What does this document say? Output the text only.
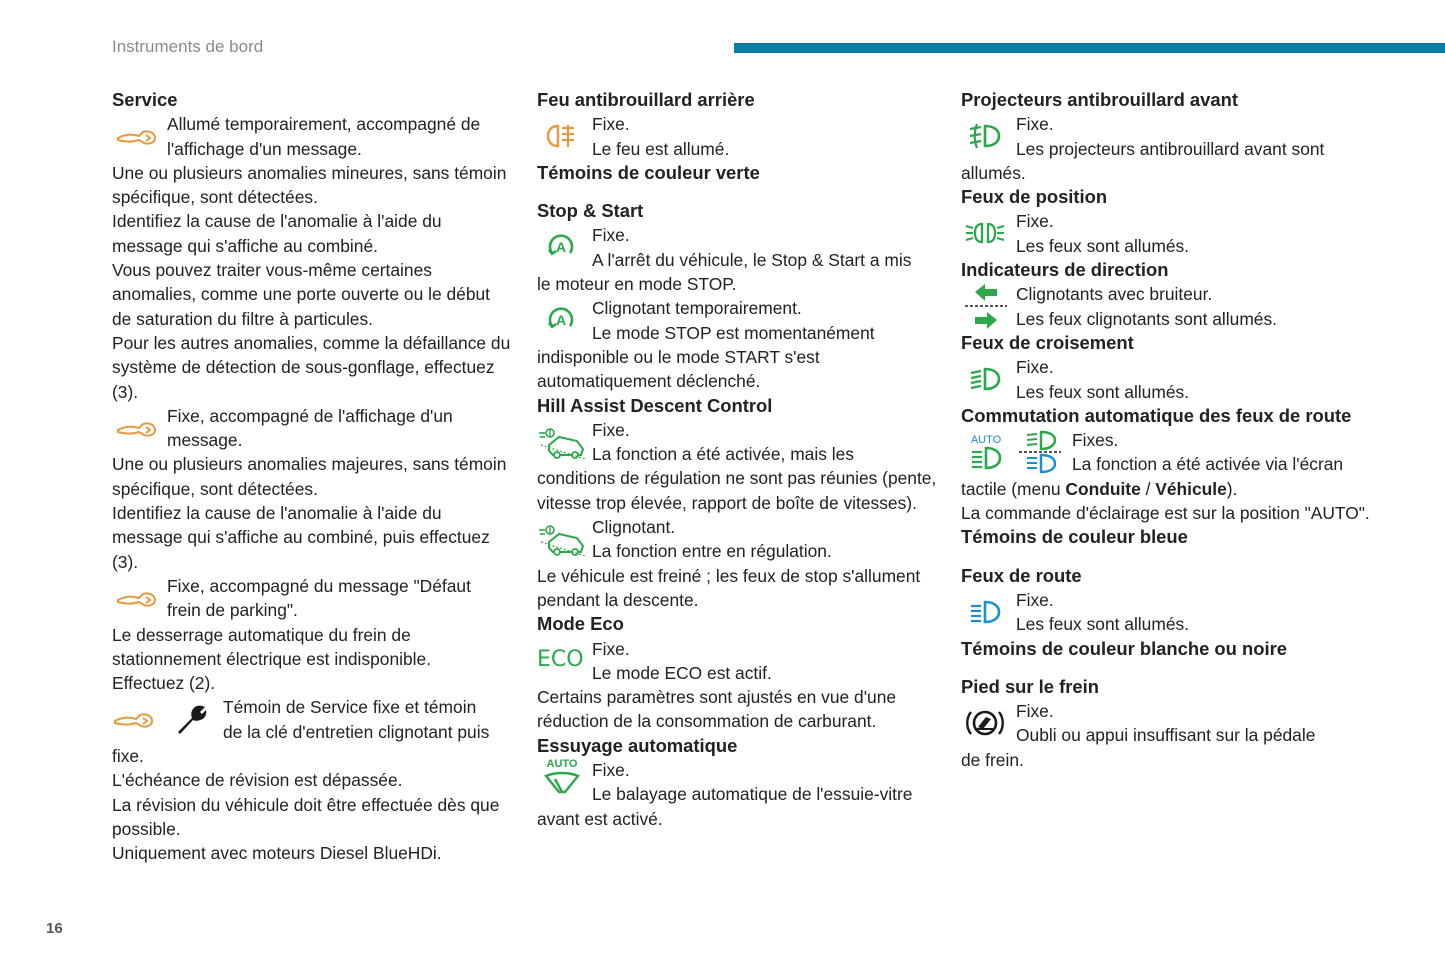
Instruments de bord
16
Service
Allumé temporairement, accompagné de
l'affichage d'un message.

Une ou plusieurs anomalies mineures, sans témoin spécifique, sont détectées.

Identifiez la cause de l'anomalie à l'aide du message qui s'affiche au combiné.

Vous pouvez traiter vous-même certaines anomalies, comme une porte ouverte ou le début de saturation du filtre à particules.

Pour les autres anomalies, comme la défaillance du système de détection de sous-gonflage, effectuez (3).

Fixe, accompagné de l'affichage d'un
message.

Une ou plusieurs anomalies majeures, sans témoin spécifique, sont détectées.

Identifiez la cause de l'anomalie à l'aide du message qui s'affiche au combiné, puis effectuez (3).

Fixe, accompagné du message "Défaut
frein de parking".

Le desserrage automatique du frein de stationnement électrique est indisponible.

Effectuez (2).

Témoin de Service fixe et témoin
de la clé d'entretien clignotant puis

fixe.

L'échéance de révision est dépassée.

La révision du véhicule doit être effectuée dès que possible.

Uniquement avec moteurs Diesel BlueHDi.

Feu antibrouillard arrière
Fixe.
Le feu est allumé.
Témoins de couleur verte
Stop & Start
A
Fixe.
A l'arrêt du véhicule, le Stop & Start a mis

le moteur en mode STOP.

A
Clignotant temporairement.
Le mode STOP est momentanément

indisponible ou le mode START s'est automatiquement déclenché.

Hill Assist Descent Control
Fixe.
La fonction a été activée, mais les

conditions de régulation ne sont pas réunies (pente, vitesse trop élevée, rapport de boîte de vitesses).

Clignotant.
La fonction entre en régulation.

Le véhicule est freiné ; les feux de stop s'allument pendant la descente.

Mode Eco
ECO Fixe.
Le mode ECO est actif.

Certains paramètres sont ajustés en vue d'une réduction de la consommation de carburant.

Essuyage automatique
AUTO Fixe.
Le balayage automatique de l'essuie-vitre

avant est activé.

Projecteurs antibrouillard avant
Fixe.
Les projecteurs antibrouillard avant sont

allumés.

Feux de position
Fixe.
Les feux sont allumés.
Indicateurs de direction
Clignotants avec bruiteur.
Les feux clignotants sont allumés.
Feux de croisement
Fixe.
Les feux sont allumés.
Commutation automatique des feux de route
AUTO	Fixes.
La fonction a été activée via l'écran

tactile (menu Conduite / Véhicule).

La commande d'éclairage est sur la position "AUTO".

Témoins de couleur bleue
Feux de route
Fixe.
Les feux sont allumés.
Témoins de couleur blanche ou noire
Pied sur le frein
Fixe.
Oubli ou appui insuffisant sur la pédale

de frein.
